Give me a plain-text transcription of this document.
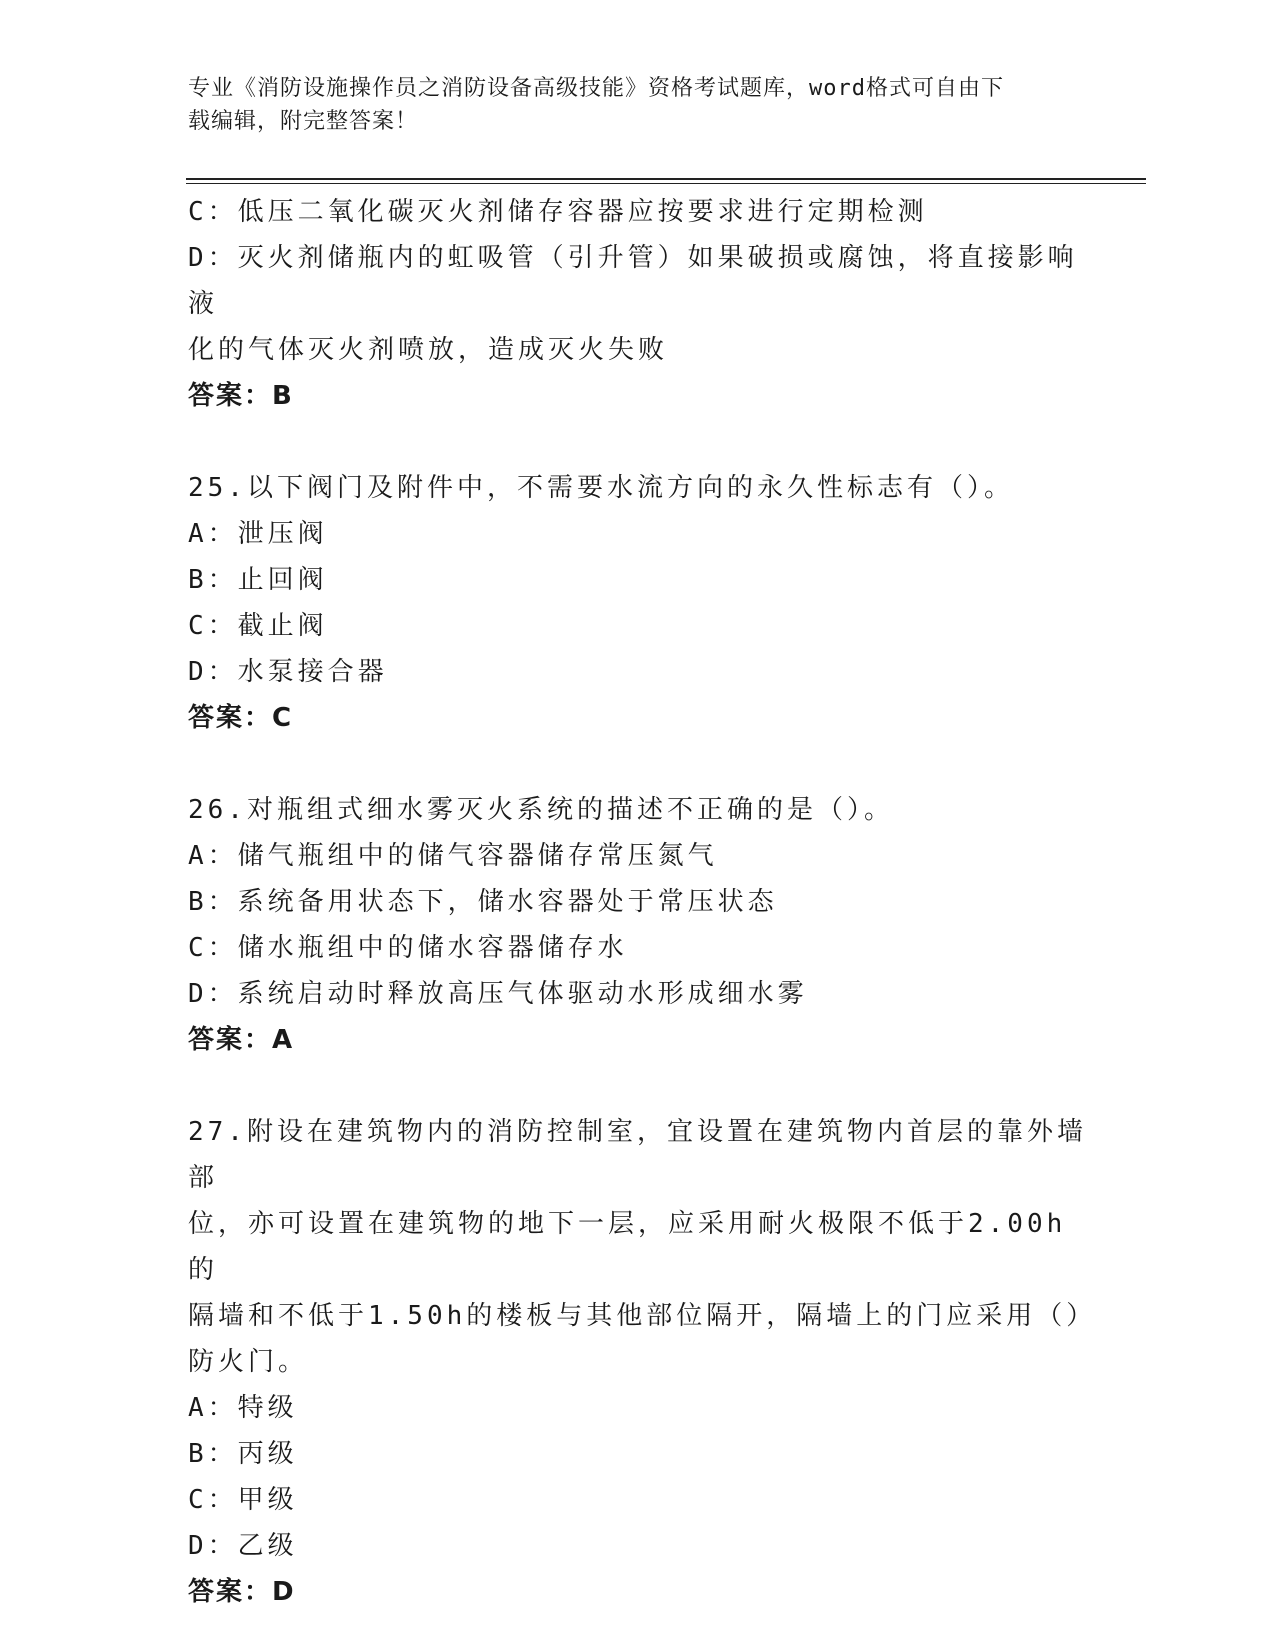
专业《消防设施操作员之消防设备高级技能》资格考试题库，word格式可自由下
载编辑，附完整答案！

C：低压二氧化碳灭火剂储存容器应按要求进行定期检测

D：灭火剂储瓶内的虹吸管（引升管）如果破损或腐蚀，将直接影响液

化的气体灭火剂喷放，造成灭火失败

答案：B

25.以下阀门及附件中，不需要水流方向的永久性标志有（）。

A：泄压阀

B：止回阀

C：截止阀

D：水泵接合器

答案：C

26.对瓶组式细水雾灭火系统的描述不正确的是（）。

A：储气瓶组中的储气容器储存常压氮气

B：系统备用状态下，储水容器处于常压状态

C：储水瓶组中的储水容器储存水

D：系统启动时释放高压气体驱动水形成细水雾

答案：A

27.附设在建筑物内的消防控制室，宜设置在建筑物内首层的靠外墙部

位，亦可设置在建筑物的地下一层，应采用耐火极限不低于2.00h的

隔墙和不低于1.50h的楼板与其他部位隔开，隔墙上的门应采用（）

防火门。

A：特级

B：丙级

C：甲级

D：乙级

答案：D
